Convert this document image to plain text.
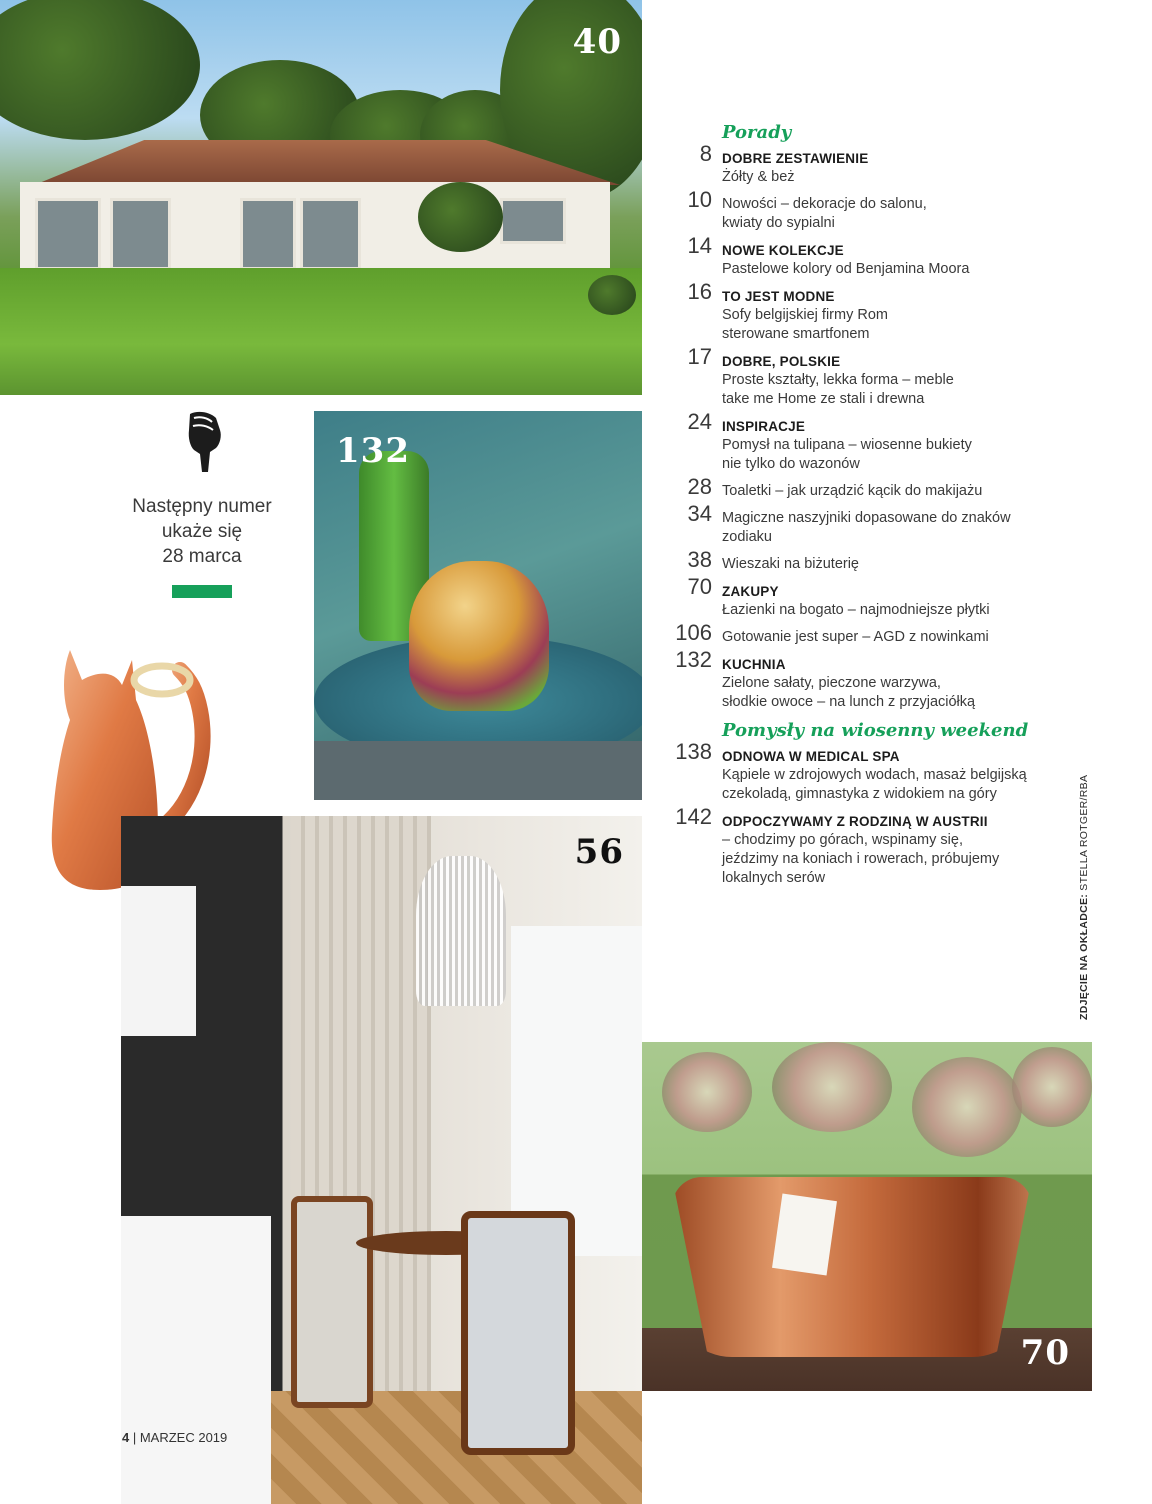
40
Następny numer
ukaże się
28 marca
132
56
70
Porady
8 DOBRE ZESTAWIENIE
Żółty & beż
10 Nowości – dekoracje do salonu,
kwiaty do sypialni
14 NOWE KOLEKCJE
Pastelowe kolory od Benjamina Moora
16 TO JEST MODNE
Sofy belgijskiej firmy Rom
sterowane smartfonem
17 DOBRE, POLSKIE
Proste kształty, lekka forma – meble
take me Home ze stali i drewna
24 INSPIRACJE
Pomysł na tulipana – wiosenne bukiety
nie tylko do wazonów
28 Toaletki – jak urządzić kącik do makijażu
34 Magiczne naszyjniki dopasowane do znaków
zodiaku
38 Wieszaki na biżuterię
70 ZAKUPY
Łazienki na bogato – najmodniejsze płytki
106 Gotowanie jest super – AGD z nowinkami
132 KUCHNIA
Zielone sałaty, pieczone warzywa,
słodkie owoce – na lunch z przyjaciółką
Pomysły na wiosenny weekend
138 ODNOWA W MEDICAL SPA
Kąpiele w zdrojowych wodach, masaż belgijską
czekoladą, gimnastyka z widokiem na góry
142 ODPOCZYWAMY Z RODZINĄ W AUSTRII
– chodzimy po górach, wspinamy się,
jeździmy na koniach i rowerach, próbujemy
lokalnych serów
ZDJĘCIE NA OKŁADCE: STELLA ROTGER/RBA
4 | MARZEC 2019
